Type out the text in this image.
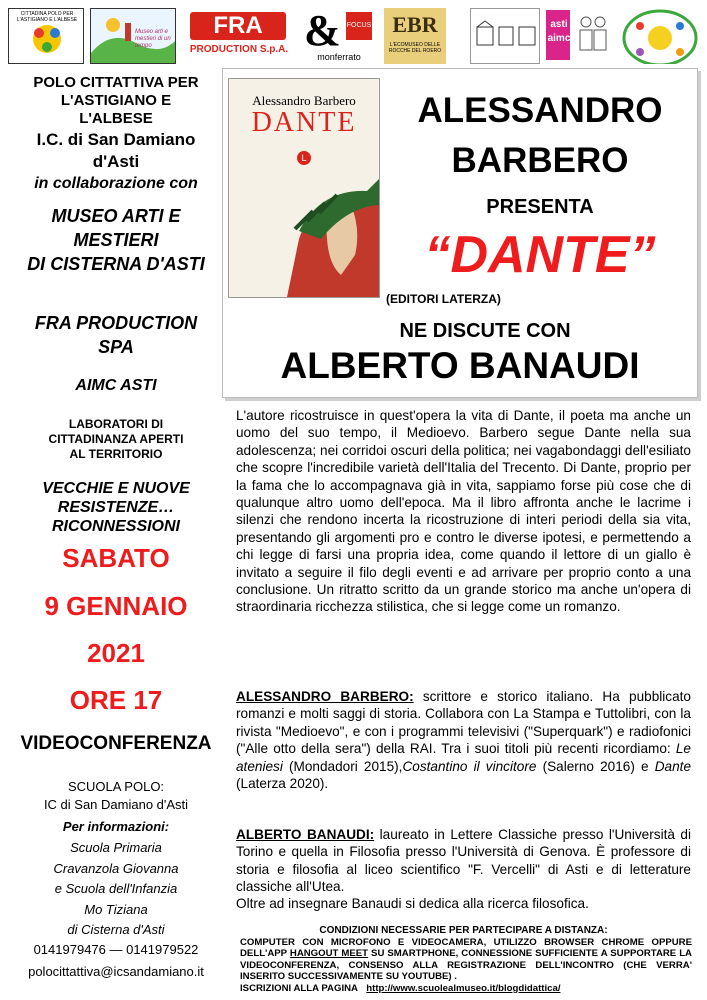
CITTADINA POLO PER L'ASTIGIANO E L'ALBESE
Museo arti e mestieri di un tempo
FRA
PRODUCTION S.p.A. & FOCUS
monferrato
EBR
L'ECOMUSEO DELLE ROCCHE DEL ROERO
asti aimc
POLO CITTATTIVA PER
L'ASTIGIANO E
L'ALBESE
I.C. di San Damiano
d'Asti
in collaborazione con
MUSEO ARTI E
MESTIERI
DI CISTERNA D'ASTI
FRA PRODUCTION
SPA
AIMC ASTI
LABORATORI DI
CITTADINANZA APERTI
AL TERRITORIO
VECCHIE E NUOVE
RESISTENZE…
RICONNESSIONI
SABATO
9 GENNAIO
2021
ORE 17
VIDEOCONFERENZA
SCUOLA POLO:
IC di San Damiano d'Asti
Per informazioni:
Scuola Primaria
Cravanzola Giovanna
e Scuola dell'Infanzia
Mo Tiziana
di Cisterna d'Asti
0141979476 — 0141979522
polocittattiva@icsandamiano.it
Alessandro Barbero
DANTE
L
ALESSANDRO
BARBERO
PRESENTA
“DANTE”
(EDITORI LATERZA)
NE DISCUTE CON
ALBERTO BANAUDI
L'autore ricostruisce in quest'opera la vita di Dante, il poeta ma anche un uomo del suo tempo, il Medioevo. Barbero segue Dante nella sua adolescenza; nei corridoi oscuri della politica; nei vagabondaggi dell'esiliato che scopre l'incredibile varietà dell'Italia del Trecento. Di Dante, proprio per la fama che lo accompagnava già in vita, sappiamo forse più cose che di qualunque altro uomo dell'epoca. Ma il libro affronta anche le lacrime i silenzi che rendono incerta la ricostruzione di interi periodi della sia vita, presentando gli argomenti pro e contro le diverse ipotesi, e permettendo a chi legge di farsi una propria idea, come quando il lettore di un giallo è invitato a seguire il filo degli eventi e ad arrivare per proprio conto a una conclusione. Un ritratto scritto da un grande storico ma anche un'opera di straordinaria ricchezza stilistica, che si legge come un romanzo.
ALESSANDRO BARBERO: scrittore e storico italiano. Ha pubblicato romanzi e molti saggi di storia. Collabora con La Stampa e Tuttolibri, con la rivista "Medioevo", e con i programmi televisivi ("Superquark") e radiofonici ("Alle otto della sera") della RAI. Tra i suoi titoli più recenti ricordiamo: Le ateniesi (Mondadori 2015),Costantino il vincitore (Salerno 2016) e Dante (Laterza 2020).
ALBERTO BANAUDI: laureato in Lettere Classiche presso l'Università di Torino e quella in Filosofia presso l'Università di Genova. È professore di storia e filosofia al liceo scientifico "F. Vercelli" di Asti e di letterature classiche all'Utea.
Oltre ad insegnare Banaudi si dedica alla ricerca filosofica.
CONDIZIONI NECESSARIE PER PARTECIPARE A DISTANZA:
COMPUTER CON MICROFONO E VIDEOCAMERA, UTILIZZO BROWSER CHROME OPPURE DELL'APP HANGOUT MEET SU SMARTPHONE, CONNESSIONE SUFFICIENTE A SUPPORTARE LA VIDEOCONFERENZA, CONSENSO ALLA REGISTRAZIONE DELL'INCONTRO (CHE VERRA' INSERITO SUCCESSIVAMENTE SU YOUTUBE) .
ISCRIZIONI ALLA PAGINA http://www.scuolealmuseo.it/blogdidattica/
